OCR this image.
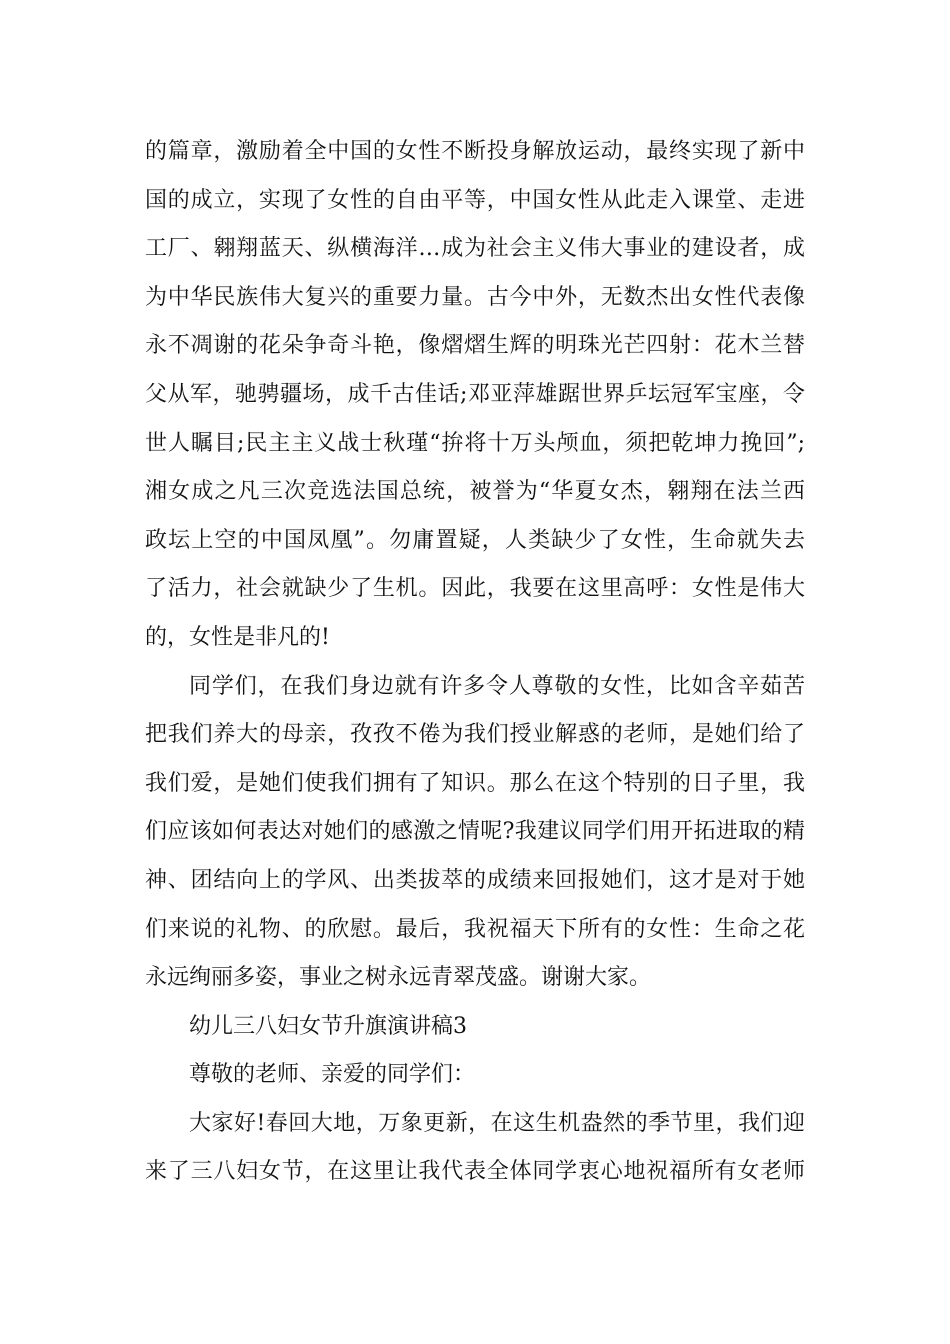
的篇章，激励着全中国的女性不断投身解放运动，最终实现了新中
国的成立，实现了女性的自由平等，中国女性从此走入课堂、走进
工厂、翱翔蓝天、纵横海洋…成为社会主义伟大事业的建设者，成
为中华民族伟大复兴的重要力量。古今中外，无数杰出女性代表像
永不凋谢的花朵争奇斗艳，像熠熠生辉的明珠光芒四射：花木兰替
父从军，驰骋疆场，成千古佳话;邓亚萍雄踞世界乒坛冠军宝座，令
世人瞩目;民主主义战士秋瑾“拚将十万头颅血，须把乾坤力挽回”;
湘女成之凡三次竞选法国总统，被誉为“华夏女杰，翱翔在法兰西
政坛上空的中国凤凰”。勿庸置疑，人类缺少了女性，生命就失去
了活力，社会就缺少了生机。因此，我要在这里高呼：女性是伟大
的，女性是非凡的!
同学们，在我们身边就有许多令人尊敬的女性，比如含辛茹苦
把我们养大的母亲，孜孜不倦为我们授业解惑的老师，是她们给了
我们爱，是她们使我们拥有了知识。那么在这个特别的日子里，我
们应该如何表达对她们的感激之情呢?我建议同学们用开拓进取的精
神、团结向上的学风、出类拔萃的成绩来回报她们，这才是对于她
们来说的礼物、的欣慰。最后，我祝福天下所有的女性：生命之花
永远绚丽多姿，事业之树永远青翠茂盛。谢谢大家。
幼儿三八妇女节升旗演讲稿3
尊敬的老师、亲爱的同学们：
大家好!春回大地，万象更新，在这生机盎然的季节里，我们迎
来了三八妇女节，在这里让我代表全体同学衷心地祝福所有女老师
